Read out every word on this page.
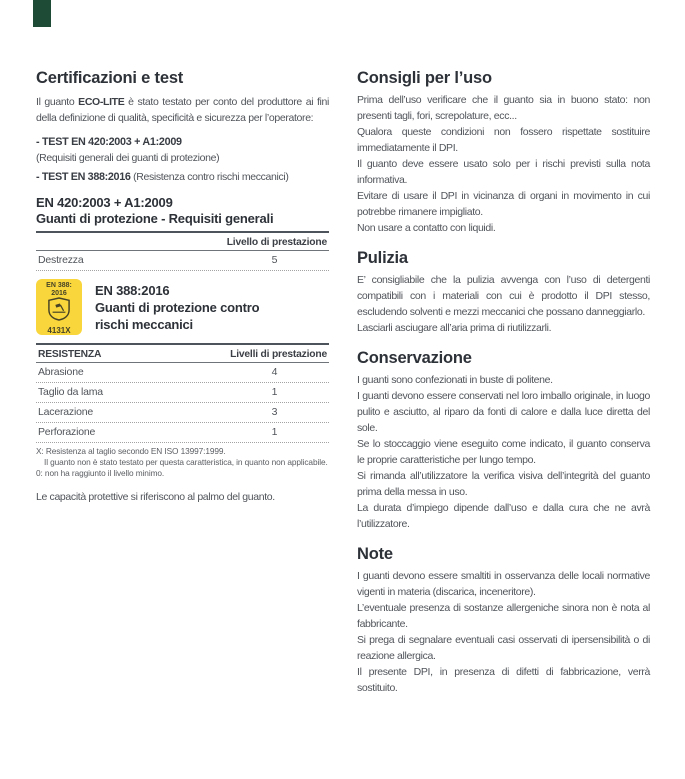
Certificazioni e test

Il guanto ECO-LITE è stato testato per conto del produttore ai fini della definizione di qualità, specificità e sicurezza per l’operatore:

- TEST EN 420:2003 + A1:2009
(Requisiti generali dei guanti di protezione)
- TEST EN 388:2016 (Resistenza contro rischi meccanici)
EN 420:2003 + A1:2009
Guanti di protezione - Requisiti generali
Livello di prestazione
Destrezza	5
EN 388:
2016
4131X
EN 388:2016
Guanti di protezione contro
rischi meccanici
RESISTENZA	Livelli di prestazione
Abrasione	4
Taglio da lama	1
Lacerazione	3
Perforazione	1
X: Resistenza al taglio secondo EN ISO 13997:1999.
Il guanto non è stato testato per questa caratteristica, in quanto non applicabile.
0: non ha raggiunto il livello minimo.

Le capacità protettive si riferiscono al palmo del guanto.

Consigli per l’uso

Prima dell’uso verificare che il guanto sia in buono stato: non presenti tagli, fori, screpolature, ecc...

Qualora queste condizioni non fossero rispettate sostituire immediatamente il DPI.

Il guanto deve essere usato solo per i rischi previsti sulla nota informativa.

Evitare di usare il DPI in vicinanza di organi in movimento in cui potrebbe rimanere impigliato.

Non usare a contatto con liquidi.

Pulizia

E’ consigliabile che la pulizia avvenga con l’uso di detergenti compatibili con i materiali con cui è prodotto il DPI stesso, escludendo solventi e mezzi meccanici che possano danneggiarlo.

Lasciarli asciugare all’aria prima di riutilizzarli.

Conservazione

I guanti sono confezionati in buste di politene.

I guanti devono essere conservati nel loro imballo originale, in luogo pulito e asciutto, al riparo da fonti di calore e dalla luce diretta del sole.

Se lo stoccaggio viene eseguito come indicato, il guanto conserva le proprie caratteristiche per lungo tempo.

Si rimanda all’utilizzatore la verifica visiva dell’integrità del guanto prima della messa in uso.

La durata d’impiego dipende dall’uso e dalla cura che ne avrà l’utilizzatore.

Note

I guanti devono essere smaltiti in osservanza delle locali normative vigenti in materia (discarica, inceneritore).

L’eventuale presenza di sostanze allergeniche sinora non è nota al fabbricante.

Si prega di segnalare eventuali casi osservati di ipersensibilità o di reazione allergica.

Il presente DPI, in presenza di difetti di fabbricazione, verrà sostituito.
